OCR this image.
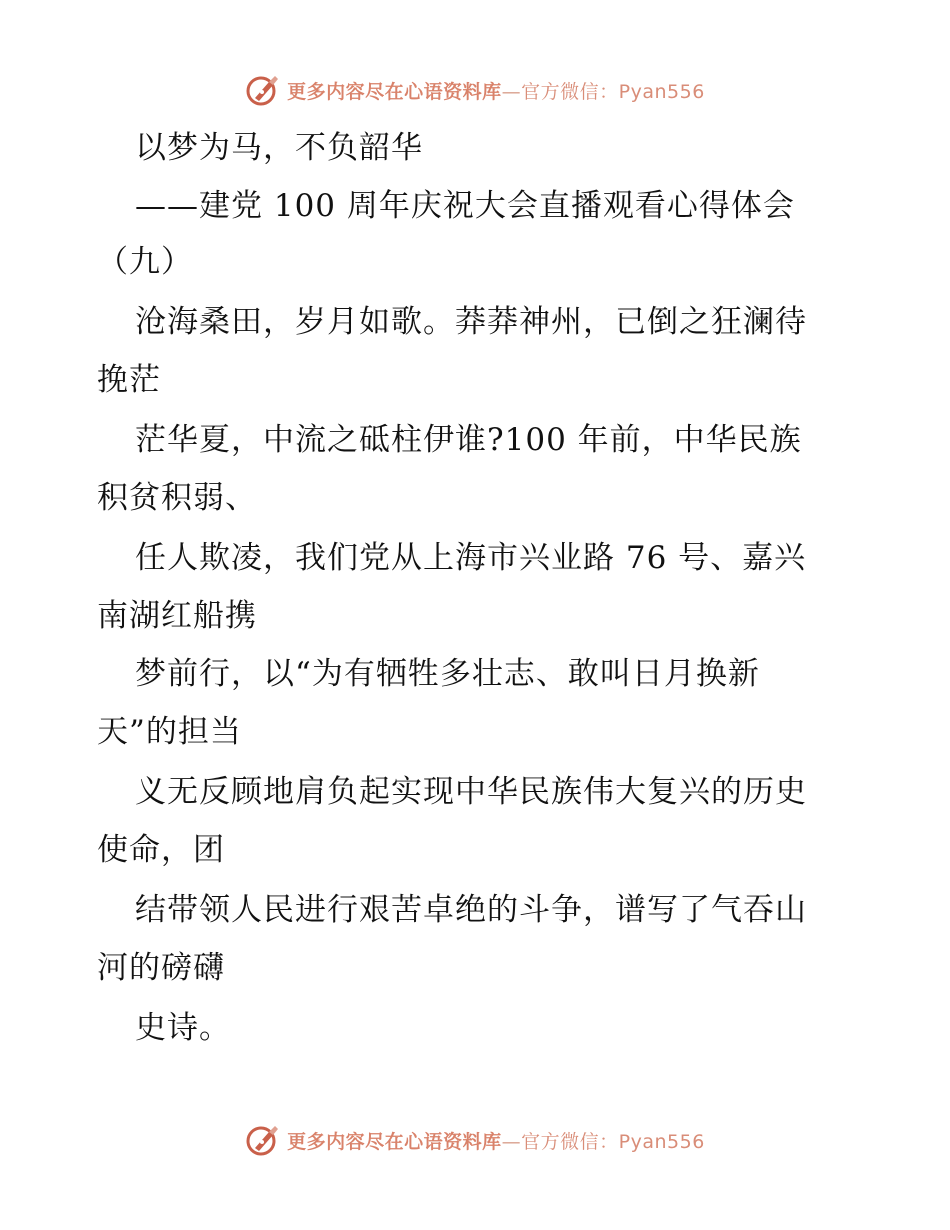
更多内容尽在心语资料库—官方微信：Pyan556
以梦为马，不负韶华
——建党 100 周年庆祝大会直播观看心得体会
（九）
沧海桑田，岁月如歌。莽莽神州，已倒之狂澜待
挽茫
茫华夏，中流之砥柱伊谁?100 年前，中华民族
积贫积弱、
任人欺凌，我们党从上海市兴业路 76 号、嘉兴
南湖红船携
梦前行，以“为有牺牲多壮志、敢叫日月换新
天”的担当
义无反顾地肩负起实现中华民族伟大复兴的历史
使命，团
结带领人民进行艰苦卓绝的斗争，谱写了气吞山
河的磅礴
史诗。
更多内容尽在心语资料库—官方微信：Pyan556
